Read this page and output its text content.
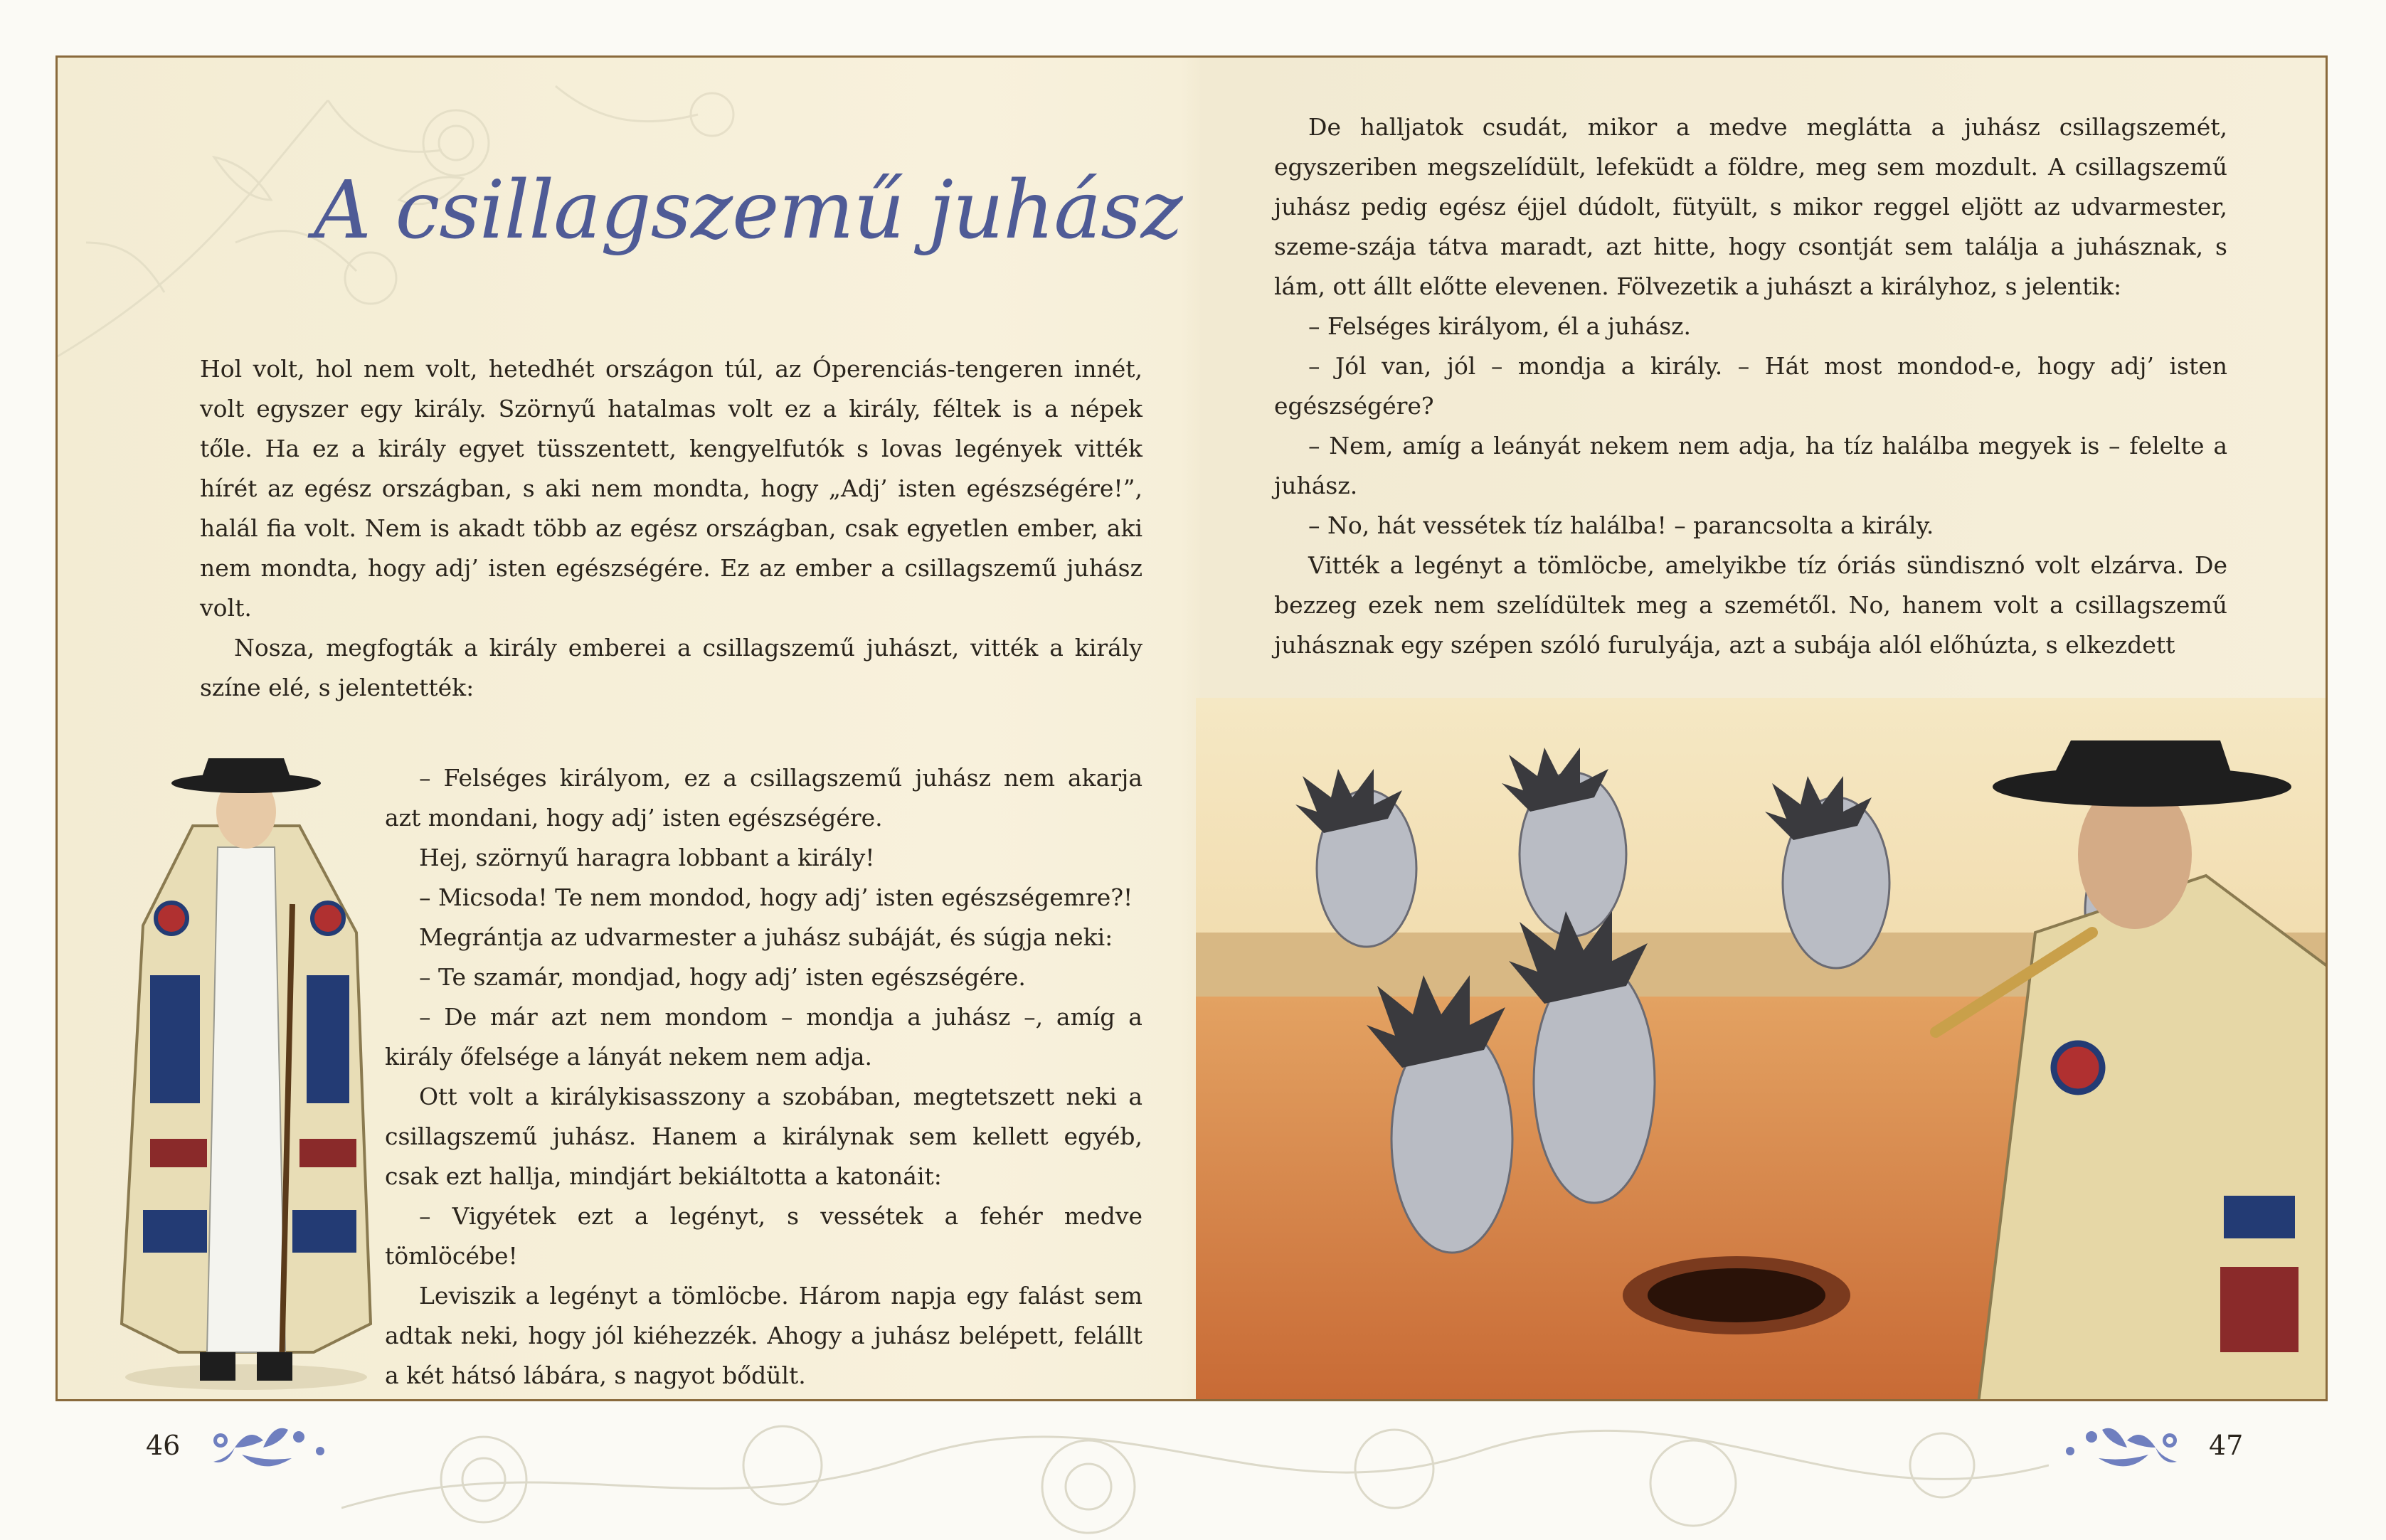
A csillagszemű juhász

Hol volt, hol nem volt, hetedhét országon túl, az Óperenciás-tengeren innét, volt egyszer egy király. Szörnyű hatalmas volt ez a király, féltek is a népek tőle. Ha ez a király egyet tüsszentett, kengyelfutók s lovas legények vitték hírét az egész országban, s aki nem mondta, hogy „Adj’ isten egészségére!”, halál fia volt. Nem is akadt több az egész országban, csak egyetlen ember, aki nem mondta, hogy adj’ isten egészségére. Ez az ember a csillagszemű juhász volt.

Nosza, megfogták a király emberei a csillagszemű juhászt, vitték a király színe elé, s jelentették:

– Felséges királyom, ez a csillagszemű juhász nem akarja azt mondani, hogy adj’ isten egészségére.

Hej, szörnyű haragra lobbant a király!

– Micsoda! Te nem mondod, hogy adj’ isten egészségemre?!

Megrántja az udvarmester a juhász subáját, és súgja neki:

– Te szamár, mondjad, hogy adj’ isten egészségére.

– De már azt nem mondom – mondja a juhász –, amíg a király őfelsége a lányát nekem nem adja.

Ott volt a királykisasszony a szobában, megtetszett neki a csillagszemű juhász. Hanem a királynak sem kellett egyéb, csak ezt hallja, mindjárt bekiáltotta a katonáit:

– Vigyétek ezt a legényt, s vessétek a fehér medve tömlöcébe!

Leviszik a legényt a tömlöcbe. Három napja egy falást sem adtak neki, hogy jól kiéhezzék. Ahogy a juhász belépett, felállt a két hátsó lábára, s nagyot bődült.

De halljatok csudát, mikor a medve meglátta a juhász csillagszemét, egyszeriben megszelídült, lefeküdt a földre, meg sem mozdult. A csillagszemű juhász pedig egész éjjel dúdolt, fütyült, s mikor reggel eljött az udvarmester, szeme-szája tátva maradt, azt hitte, hogy csontját sem találja a juhásznak, s lám, ott állt előtte elevenen. Fölvezetik a juhászt a királyhoz, s jelentik:

– Felséges királyom, él a juhász.

– Jól van, jól – mondja a király. – Hát most mondod-e, hogy adj’ isten egészségére?

– Nem, amíg a leányát nekem nem adja, ha tíz halálba megyek is – felelte a juhász.

– No, hát vessétek tíz halálba! – parancsolta a király.

Vitték a legényt a tömlöcbe, amelyikbe tíz óriás sündisznó volt elzárva. De bezzeg ezek nem szelídültek meg a szemétől. No, hanem volt a csillagszemű juhásznak egy szépen szóló furulyája, azt a subája alól előhúzta, s elkezdett

46	47
